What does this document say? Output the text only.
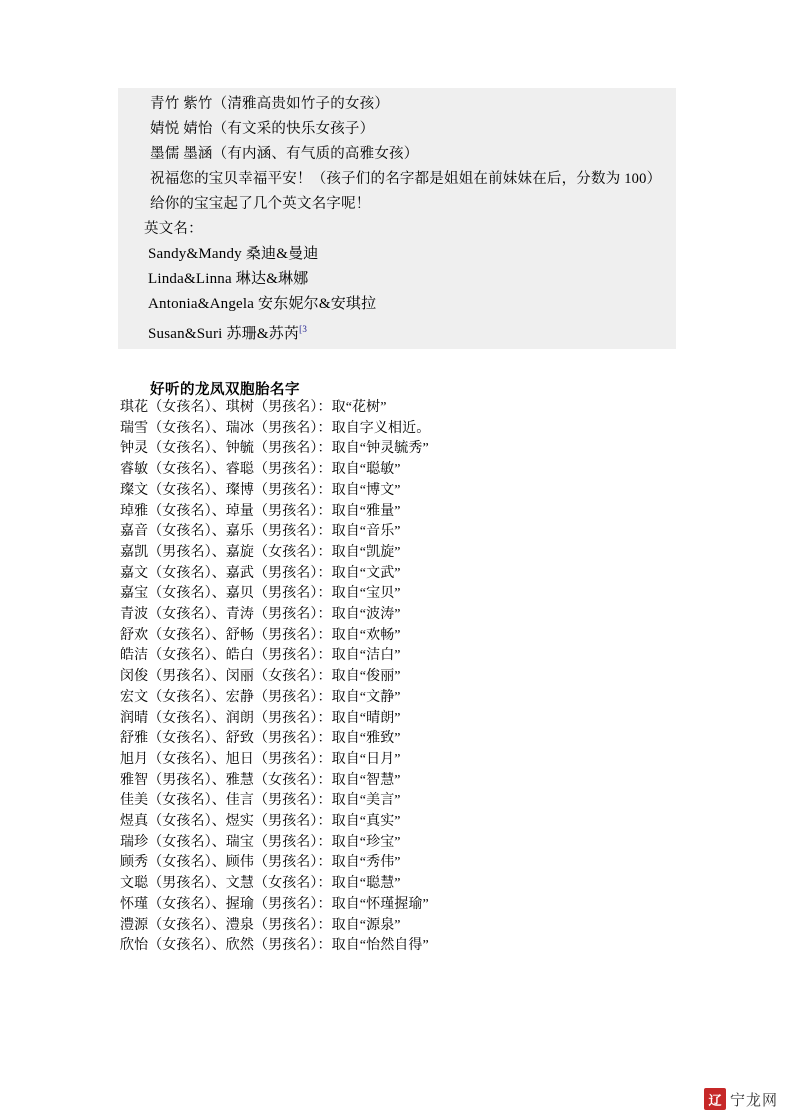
青竹 紫竹（清雅高贵如竹子的女孩）
婧悦 婧怡（有文采的快乐女孩子）
墨儒 墨涵（有内涵、有气质的高雅女孩）
祝福您的宝贝幸福平安！（孩子们的名字都是姐姐在前妹妹在后，分数为 100）
给你的宝宝起了几个英文名字呢！
英文名：
Sandy&Mandy 桑迪&曼迪
Linda&Linna 琳达&琳娜
Antonia&Angela 安东妮尔&安琪拉
Susan&Suri 苏珊&苏芮$^{[3}$
好听的龙凤双胞胎名字
琪花（女孩名）、琪树（男孩名）：取“花树”
瑞雪（女孩名）、瑞冰（男孩名）：取自字义相近。
钟灵（女孩名）、钟毓（男孩名）：取自“钟灵毓秀”
睿敏（女孩名）、睿聪（男孩名）：取自“聪敏”
璨文（女孩名）、璨博（男孩名）：取自“博文”
琸雅（女孩名）、琸量（男孩名）：取自“雅量”
嘉音（女孩名）、嘉乐（男孩名）：取自“音乐”
嘉凯（男孩名）、嘉旋（女孩名）：取自“凯旋”
嘉文（女孩名）、嘉武（男孩名）：取自“文武”
嘉宝（女孩名）、嘉贝（男孩名）：取自“宝贝”
青波（女孩名）、青涛（男孩名）：取自“波涛”
舒欢（女孩名）、舒畅（男孩名）：取自“欢畅”
皓洁（女孩名）、皓白（男孩名）：取自“洁白”
闵俊（男孩名）、闵丽（女孩名）：取自“俊丽”
宏文（女孩名）、宏静（男孩名）：取自“文静”
润晴（女孩名）、润朗（男孩名）：取自“晴朗”
舒雅（女孩名）、舒致（男孩名）：取自“雅致”
旭月（女孩名）、旭日（男孩名）：取自“日月”
雅智（男孩名）、雅慧（女孩名）：取自“智慧”
佳美（女孩名）、佳言（男孩名）：取自“美言”
煜真（女孩名）、煜实（男孩名）：取自“真实”
瑞珍（女孩名）、瑞宝（男孩名）：取自“珍宝”
顾秀（女孩名）、顾伟（男孩名）：取自“秀伟”
文聪（男孩名）、文慧（女孩名）：取自“聪慧”
怀瑾（女孩名）、握瑜（男孩名）：取自“怀瑾握瑜”
澧源（女孩名）、澧泉（男孩名）：取自“源泉”
欣怡（女孩名）、欣然（男孩名）：取自“怡然自得”
辽 宁龙网
